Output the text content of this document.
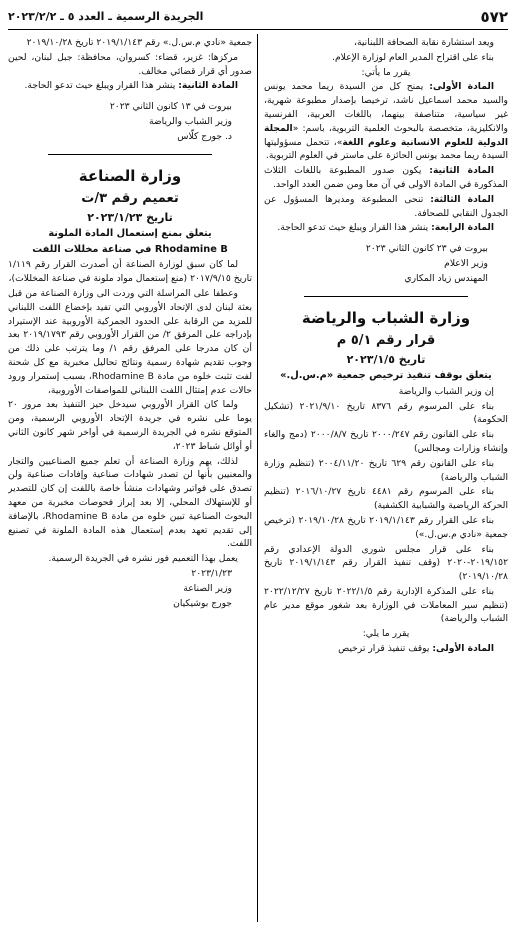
٥٧٢
الجريدة الرسمية ـ العدد ٥ ـ ٢٠٢٣/٢/٢

ويعد استشارة نقابة الصحافة اللبنانية،

بناء على اقتراح المدير العام لوزارة الإعلام.

يقرر ما يأتي:

المادة الأولى: يمنح كل من السيدة ريما محمد يونس والسيد محمد اسماعيل ناشد، ترخيصا بإصدار مطبوعة شهرية، غير سياسية، متناصفة بينهما، باللغات العربية، الفرنسية والانكليزية، متخصصة بالبحوث العلمية التربوية، باسم: «المجلة الدولية للعلوم الانسانية وعلوم اللغة»، تتحمل مسؤوليتها السيدة ريما محمد يونس الحائزة على ماستر في العلوم التربوية.

المادة الثانية: يكون صدور المطبوعة باللغات الثلاث المذكورة في المادة الاولى في آن معا ومن ضمن العدد الواحد.

المادة الثالثة: تنحى المطبوعة ومديرها المسؤول عن الجدول النقابي للصحافة.

المادة الرابعة: ينشر هذا القرار ويبلغ حيث تدعو الحاجة.

بيروت في ٢٣ كانون الثاني ٢٠٢٣

وزير الاعلام

المهندس زياد المكاري

وزارة الشباب والرياضة

قرار رقم ٥/١ م

تاريخ ٢٠٢٣/١/٥

يتعلق بوقف تنفيذ ترخيص جمعية «م.س.ل.»

إن وزير الشباب والرياضة

بناء على المرسوم رقم ٨٣٧٦ تاريخ ٢٠٢١/٩/١٠ (تشكيل الحكومة)

بناء على القانون رقم ٢٠٠٠/٢٤٧ تاريخ ٢٠٠٠/٨/٧ (دمج والغاء وإنشاء وزارات ومجالس)

بناء على القانون رقم ٦٢٩ تاريخ ٢٠٠٤/١١/٢٠ (تنظيم وزارة الشباب والرياضة)

بناء على المرسوم رقم ٤٤٨١ تاريخ ٢٠١٦/١٠/٢٧ (تنظيم الحركة الرياضية والشبابية الكشفية)

بناء على القرار رقم ٢٠١٩/١/١٤٣ تاريخ ٢٠١٩/١٠/٢٨ (ترخيص جمعية «نادي م.س.ل.»)

بناء على قرار مجلس شورى الدولة الإعدادي رقم ٢٠١٩/١٥٢-٢٠٢٠ (وقف تنفيذ القرار رقم ٢٠١٩/١/١٤٣ تاريخ ٢٠١٩/١٠/٢٨)

بناء على المذكرة الإدارية رقم ٢٠٢٢/١/٥ تاريخ ٢٠٢٢/١٢/٢٧ (تنظيم سير المعاملات في الوزارة بعد شغور موقع مدير عام الشباب والرياضة)

يقرر ما يلي:

المادة الأولى: يوقف تنفيذ قرار ترخيص

جمعية «نادي م.س.ل.» رقم ٢٠١٩/١/١٤٣ تاريخ ٢٠١٩/١٠/٢٨

مركزها: غزير، قضاء: كسروان، محافظة: جبل لبنان، لحين صدور أي قرار قضائي مخالف.

المادة الثانية: ينشر هذا القرار ويبلغ حيث تدعو الحاجة.

بيروت في ١٣ كانون الثاني ٢٠٢٣

وزير الشباب والرياضة

د. جورج كلّاس

وزارة الصناعة

تعميم رقم ٣/ت

تاريخ ٢٠٢٣/١/٢٣

يتعلق بمنع إستعمال المادة الملونة

Rhodamine B في صناعة مخللات اللفت

لما كان سبق لوزارة الصناعة أن أصدرت القرار رقم ١/١١٩ تاريخ ٢٠١٧/٩/١٥ (منع إستعمال مواد ملونة في صناعة المخللات)،

وعطفا على المراسلة التي وردت الى وزارة الصناعة من قبل بعثة لبنان لدى الإتحاد الأوروبي التي تفيد بإخضاع اللفت اللبناني للمزيد من الرقابة على الحدود الجمركية الأوروبية عند الإستيراد بإدراجه على المرفق ٢/ من القرار الأوروبي رقم ٢٠١٩/١٧٩٣ بعد أن كان مدرجا على المرفق رقم ١/ وما يترتب على ذلك من وجوب تقديم شهادة رسمية ونتائج تحاليل مخبرية مع كل شحنة لفت تثبت خلوه من مادة Rhodamine B، بسبب إستمرار ورود حالات عدم إمتثال اللفت اللبناني للمواصفات الأوروبية،

ولما كان القرار الأوروبي سيدخل حيز التنفيذ بعد مرور ٢٠ يوما على نشره في جريدة الإتحاد الأوروبي الرسمية، ومن المتوقع نشره في الجريدة الرسمية في أواخر شهر كانون الثاني أو أوائل شباط ٢٠٢٣،

لذلك، يهم وزارة الصناعة أن تعلم جميع الصناعيين والتجار والمعنيين بأنها لن تصدر شهادات صناعية وإفادات صناعية ولن تصدق على فواتير وشهادات منشأ خاصة باللفت إن كان للتصدير أو للإستهلاك المحلي، إلا بعد إبراز فحوصات مخبرية من معهد البحوث الصناعية تبين خلوه من مادة Rhodamine B، بالإضافة إلى تقديم تعهد بعدم إستعمال هذه المادة الملونة في تصنيع اللفت.

يعمل بهذا التعميم فور نشره في الجريدة الرسمية.

٢٠٢٣/١/٢٣

وزير الصناعة

جورج بوشيكيان
